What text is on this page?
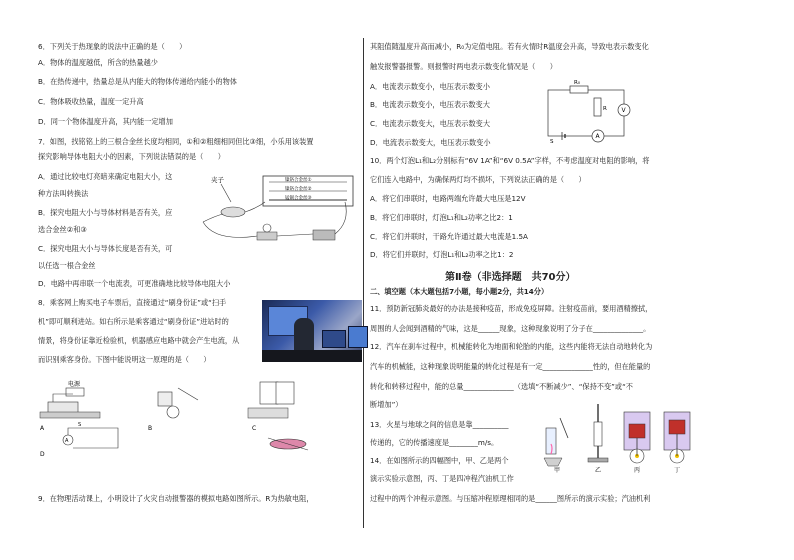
6．下列关于热现象的说法中正确的是（　　）
A．物体的温度越低，所含的热量越少
B．在热传递中，热量总是从内能大的物体传递给内能小的物体
C．物体吸收热量，温度一定升高
D．同一个物体温度升高，其内能一定增加
7．如图，找铭铭上的三根合金丝长度均相同，①和②粗细相同但比③细，小乐用该装置
探究影响导体电阻大小的因素，下列说法错误的是（　　）
A．通过比较电灯亮暗来确定电阻大小，这
种方法叫转换法
B．探究电阻大小与导体材料是否有关，应
选合金丝②和③
C．探究电阻大小与导体长度是否有关，可
以任选一根合金丝
D．电路中再串联一个电流表，可更准确地比较导体电阻大小
8．乘客网上购买电子车票后，直接通过“刷身份证”或“扫手
机”即可顺利进站。如右所示是乘客通过“刷身份证”进站时的
情景，将身份证靠近检验机，机器感应电路中就会产生电流，从
而识别乘客身份。下图中能说明这一原理的是（　　）
9．在物理活动课上，小明设计了火灾自动报警器的模拟电路如图所示。R为热敏电阻，
夹子	镍铬合金丝①
镍铬合金丝②
锰铜合金丝③
电源
A	B	C
A
S
D
其阻值随温度升高而减小，R₀为定值电阻。若有火情时R温度会升高，导致电表示数变化
触发报警器报警。则报警时两电表示数变化情况是（　　）
A．电流表示数变小，电压表示数变小
B．电流表示数变小，电压表示数变大
C．电流表示数变大，电压表示数变大
D．电流表示数变大，电压表示数变小
10．两个灯泡L₁和L₂分别标有“6V 1A”和“6V 0.5A”字样，不考虑温度对电阻的影响，将
它们连入电路中，为确保两灯均不损坏，下列说法正确的是（　　）
A．将它们串联时，电路两端允许最大电压是12V
B．将它们串联时，灯泡L₁和L₂功率之比2：1
C．将它们并联时，干路允许通过最大电流是1.5A
D．将它们并联时，灯泡L₁和L₂功率之比1：2
第Ⅱ卷（非选择题　共70分）
二、填空题（本大题包括7小题，每小题2分，共14分）
11．预防新冠肺炎最好的办法是接种疫苗，形成免疫屏障。注射疫苗前，要用酒精擦拭，
周围的人会闻到酒精的气味，这是______现象，这种现象说明了分子在______________。
12．汽车在刹车过程中，机械能转化为地面和轮胎的内能，这些内能将无法自动地转化为
汽车的机械能，这种现象说明能量的转化过程是有一定______________性的，但在能量的
转化和转移过程中，能的总量______________（选填“不断减少”、“保持不变”或“不
断增加”）
13．火星与地球之间的信息是靠__________
传递的，它的传播速度是________m/s。
14．在如图所示的四幅图中，甲、乙是两个
演示实验示意图，丙、丁是四冲程汽油机工作
过程中的两个冲程示意图。与压缩冲程原理相同的是______图所示的演示实验；汽油机利
R₀
R V
A
S
甲	乙	丙	丁
